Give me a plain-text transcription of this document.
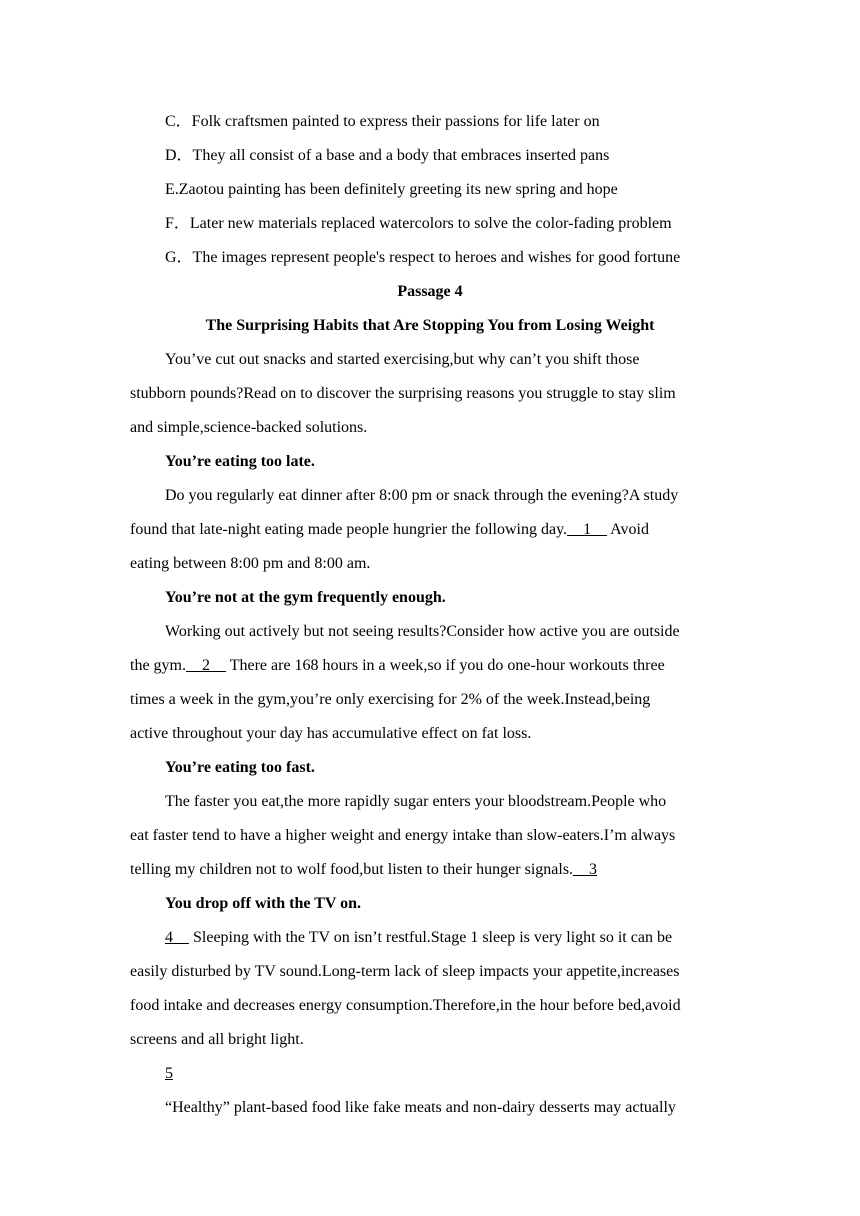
C．Folk craftsmen painted to express their passions for life later on
D．They all consist of a base and a body that embraces inserted pans
E.Zaotou painting has been definitely greeting its new spring and hope
F．Later new materials replaced watercolors to solve the color-fading problem
G．The images represent people's respect to heroes and wishes for good fortune
Passage 4
The Surprising Habits that Are Stopping You from Losing Weight
You’ve cut out snacks and started exercising,but why can’t you shift those
stubborn pounds?Read on to discover the surprising reasons you struggle to stay slim
and simple,science-backed solutions.
You’re eating too late.
Do you regularly eat dinner after 8:00 pm or snack through the evening?A study
found that late-night eating made people hungrier the following day.    1     Avoid
eating between 8:00 pm and 8:00 am.
You’re not at the gym frequently enough.
Working out actively but not seeing results?Consider how active you are outside
the gym.    2     There are 168 hours in a week,so if you do one-hour workouts three
times a week in the gym,you’re only exercising for 2% of the week.Instead,being
active throughout your day has accumulative effect on fat loss.
You’re eating too fast.
The faster you eat,the more rapidly sugar enters your bloodstream.People who
eat faster tend to have a higher weight and energy intake than slow-eaters.I’m always
telling my children not to wolf food,but listen to their hunger signals.    3
You drop off with the TV on.
4     Sleeping with the TV on isn’t restful.Stage 1 sleep is very light so it can be
easily disturbed by TV sound.Long-term lack of sleep impacts your appetite,increases
food intake and decreases energy consumption.Therefore,in the hour before bed,avoid
screens and all bright light.
5
“Healthy” plant-based food like fake meats and non-dairy desserts may actually
